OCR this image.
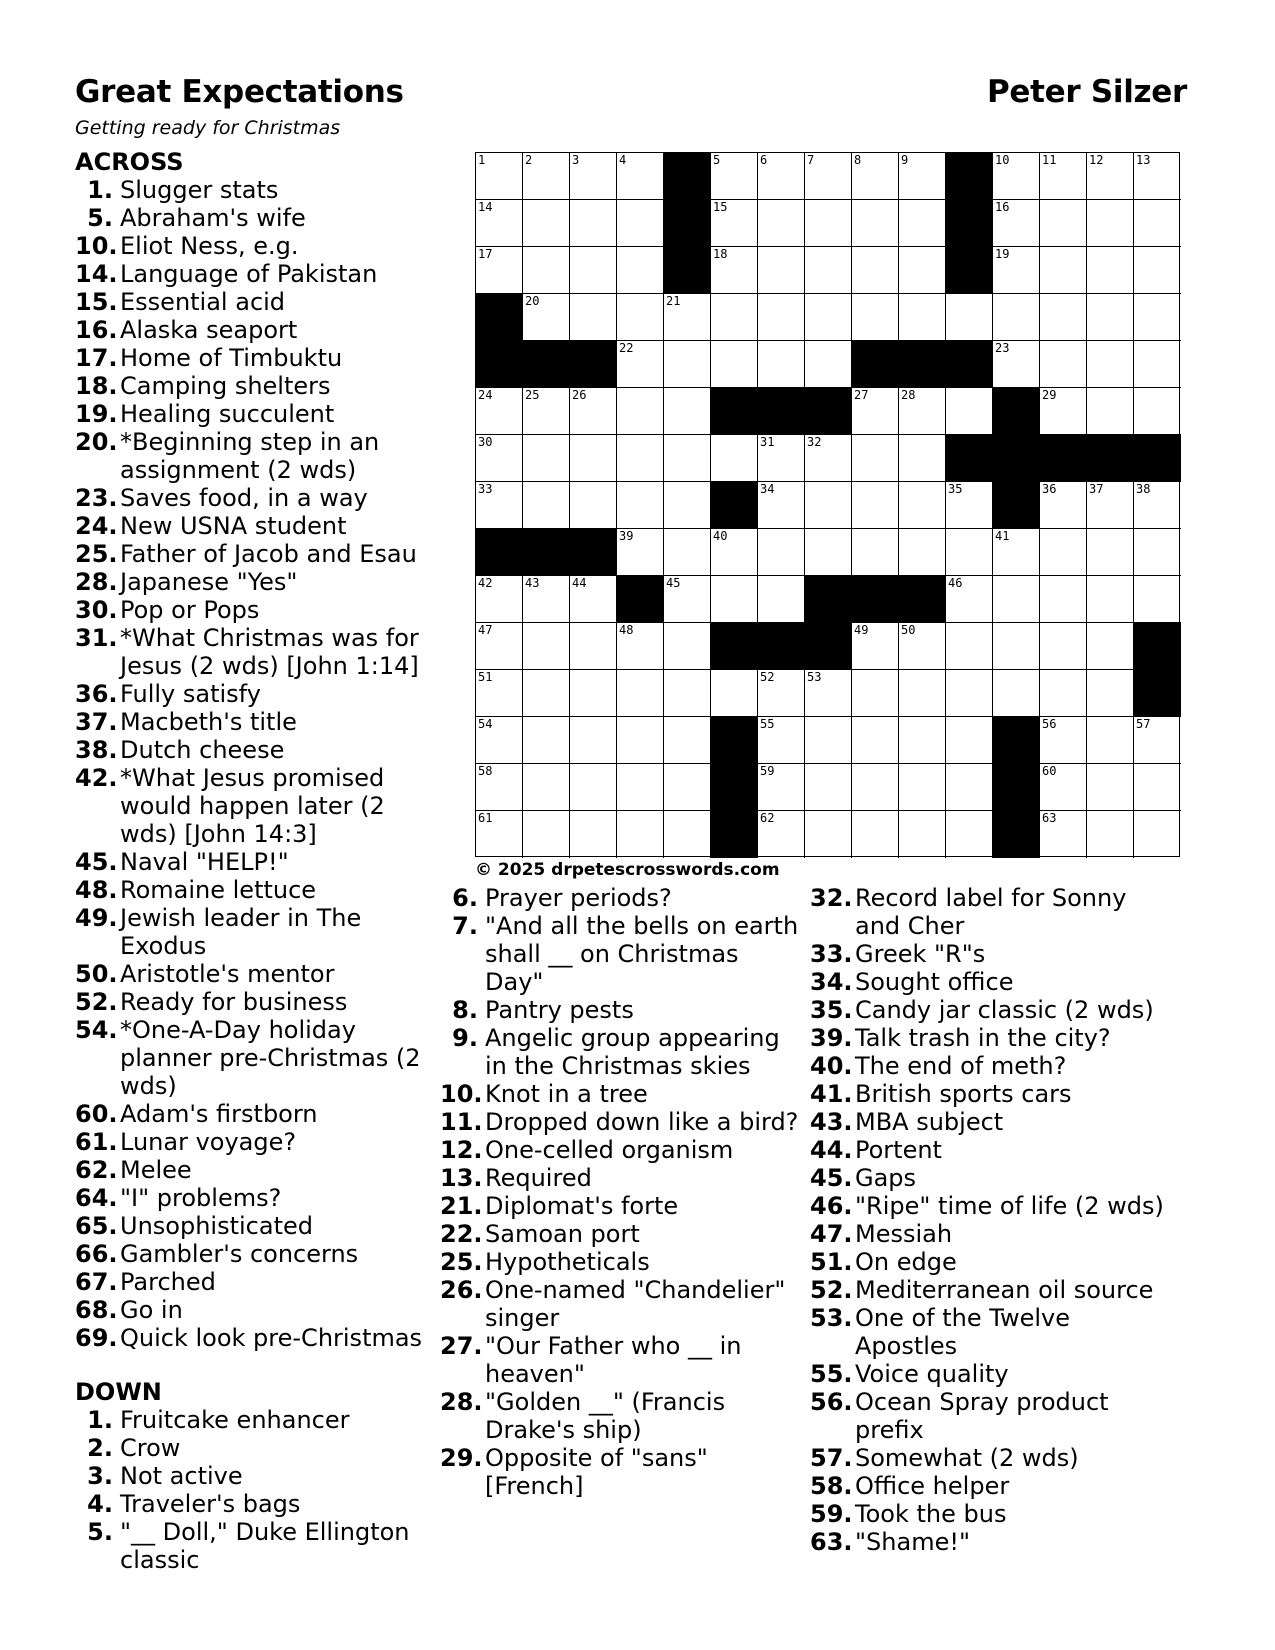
Great Expectations	Peter Silzer
Getting ready for Christmas
ACROSS
1. Slugger stats
5. Abraham's wife
10. Eliot Ness, e.g.
14. Language of Pakistan
15. Essential acid
16. Alaska seaport
17. Home of Timbuktu
18. Camping shelters
19. Healing succulent
20. *Beginning step in an assignment (2 wds)
23. Saves food, in a way
24. New USNA student
25. Father of Jacob and Esau
28. Japanese "Yes"
30. Pop or Pops
31. *What Christmas was for Jesus (2 wds) [John 1:14]
36. Fully satisfy
37. Macbeth's title
38. Dutch cheese
42. *What Jesus promised would happen later (2 wds) [John 14:3]
45. Naval "HELP!"
48. Romaine lettuce
49. Jewish leader in The Exodus
50. Aristotle's mentor
52. Ready for business
54. *One-A-Day holiday planner pre-Christmas (2 wds)
60. Adam's firstborn
61. Lunar voyage?
62. Melee
64. "I" problems?
65. Unsophisticated
66. Gambler's concerns
67. Parched
68. Go in
69. Quick look pre-Christmas
DOWN
1. Fruitcake enhancer
2. Crow
3. Not active
4. Traveler's bags
5. "__ Doll," Duke Ellington classic
1	2	3	4	5	6	7	8	9	10	11	12	13
14	15	16
17	18	19
20	21
22	23
24	25	26	27	28	29
30	31	32
33	34	35	36	37	38
39	40	41
42	43	44	45	46
47	48	49	50
51	52	53
54	55	56	57
58	59	60
61	62	63
© 2025 drpetescrosswords.com
6. Prayer periods?
7. "And all the bells on earth shall __ on Christmas Day"
8. Pantry pests
9. Angelic group appearing in the Christmas skies
10. Knot in a tree
11. Dropped down like a bird?
12. One-celled organism
13. Required
21. Diplomat's forte
22. Samoan port
25. Hypotheticals
26. One-named "Chandelier" singer
27. "Our Father who __ in heaven"
28. "Golden __" (Francis Drake's ship)
29. Opposite of "sans" [French]
32. Record label for Sonny and Cher
33. Greek "R"s
34. Sought office
35. Candy jar classic (2 wds)
39. Talk trash in the city?
40. The end of meth?
41. British sports cars
43. MBA subject
44. Portent
45. Gaps
46. "Ripe" time of life (2 wds)
47. Messiah
51. On edge
52. Mediterranean oil source
53. One of the Twelve Apostles
55. Voice quality
56. Ocean Spray product prefix
57. Somewhat (2 wds)
58. Office helper
59. Took the bus
63. "Shame!"
